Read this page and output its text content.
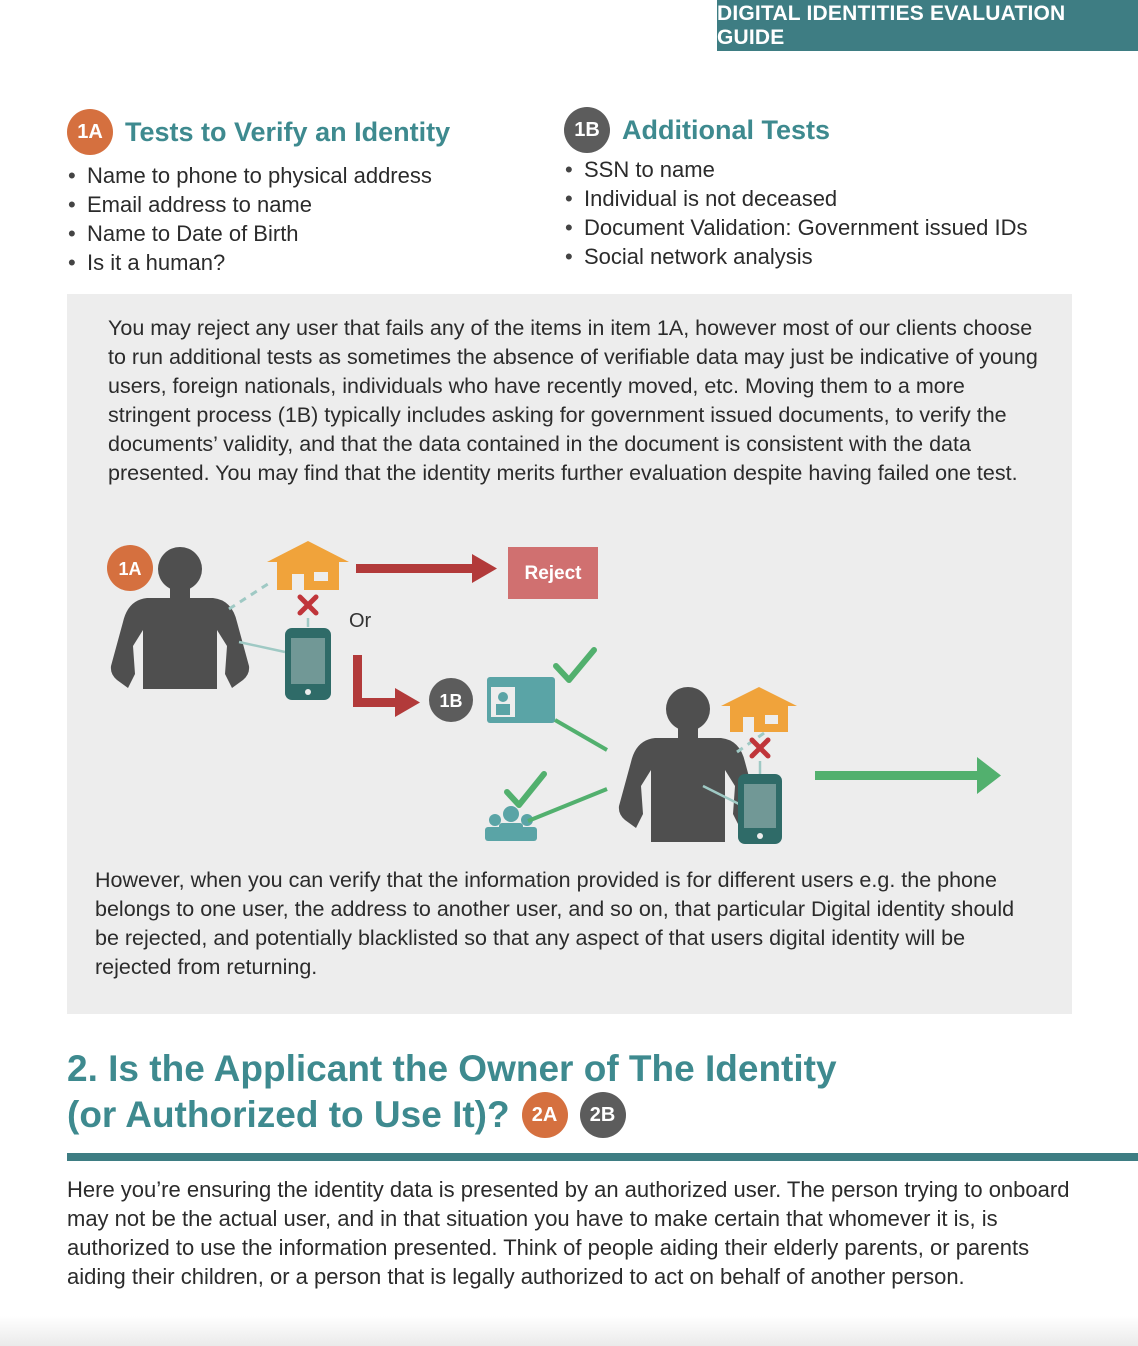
DIGITAL IDENTITIES EVALUATION GUIDE
1A Tests to Verify an Identity
• Name to phone to physical address
• Email address to name
• Name to Date of Birth
• Is it a human?
1B Additional Tests
• SSN to name
• Individual is not deceased
• Document Validation: Government issued IDs
• Social network analysis

You may reject any user that fails any of the items in item 1A, however most of our clients choose to run additional tests as sometimes the absence of verifiable data may just be indicative of young users, foreign nationals, individuals who have recently moved, etc. Moving them to a more stringent process (1B) typically includes asking for government issued documents, to verify the documents’ validity, and that the data contained in the document is consistent with the data presented. You may find that the identity merits further evaluation despite having failed one test.

1A
Or
Reject
1B

However, when you can verify that the information provided is for different users e.g. the phone belongs to one user, the address to another user, and so on, that particular Digital identity should be rejected, and potentially blacklisted so that any aspect of that users digital identity will be rejected from returning.

2. Is the Applicant the Owner of The Identity
(or Authorized to Use It)?	2A	2B

Here you’re ensuring the identity data is presented by an authorized user. The person trying to onboard may not be the actual user, and in that situation you have to make certain that whomever it is, is authorized to use the information presented. Think of people aiding their elderly parents, or parents aiding their children, or a person that is legally authorized to act on behalf of another person.
